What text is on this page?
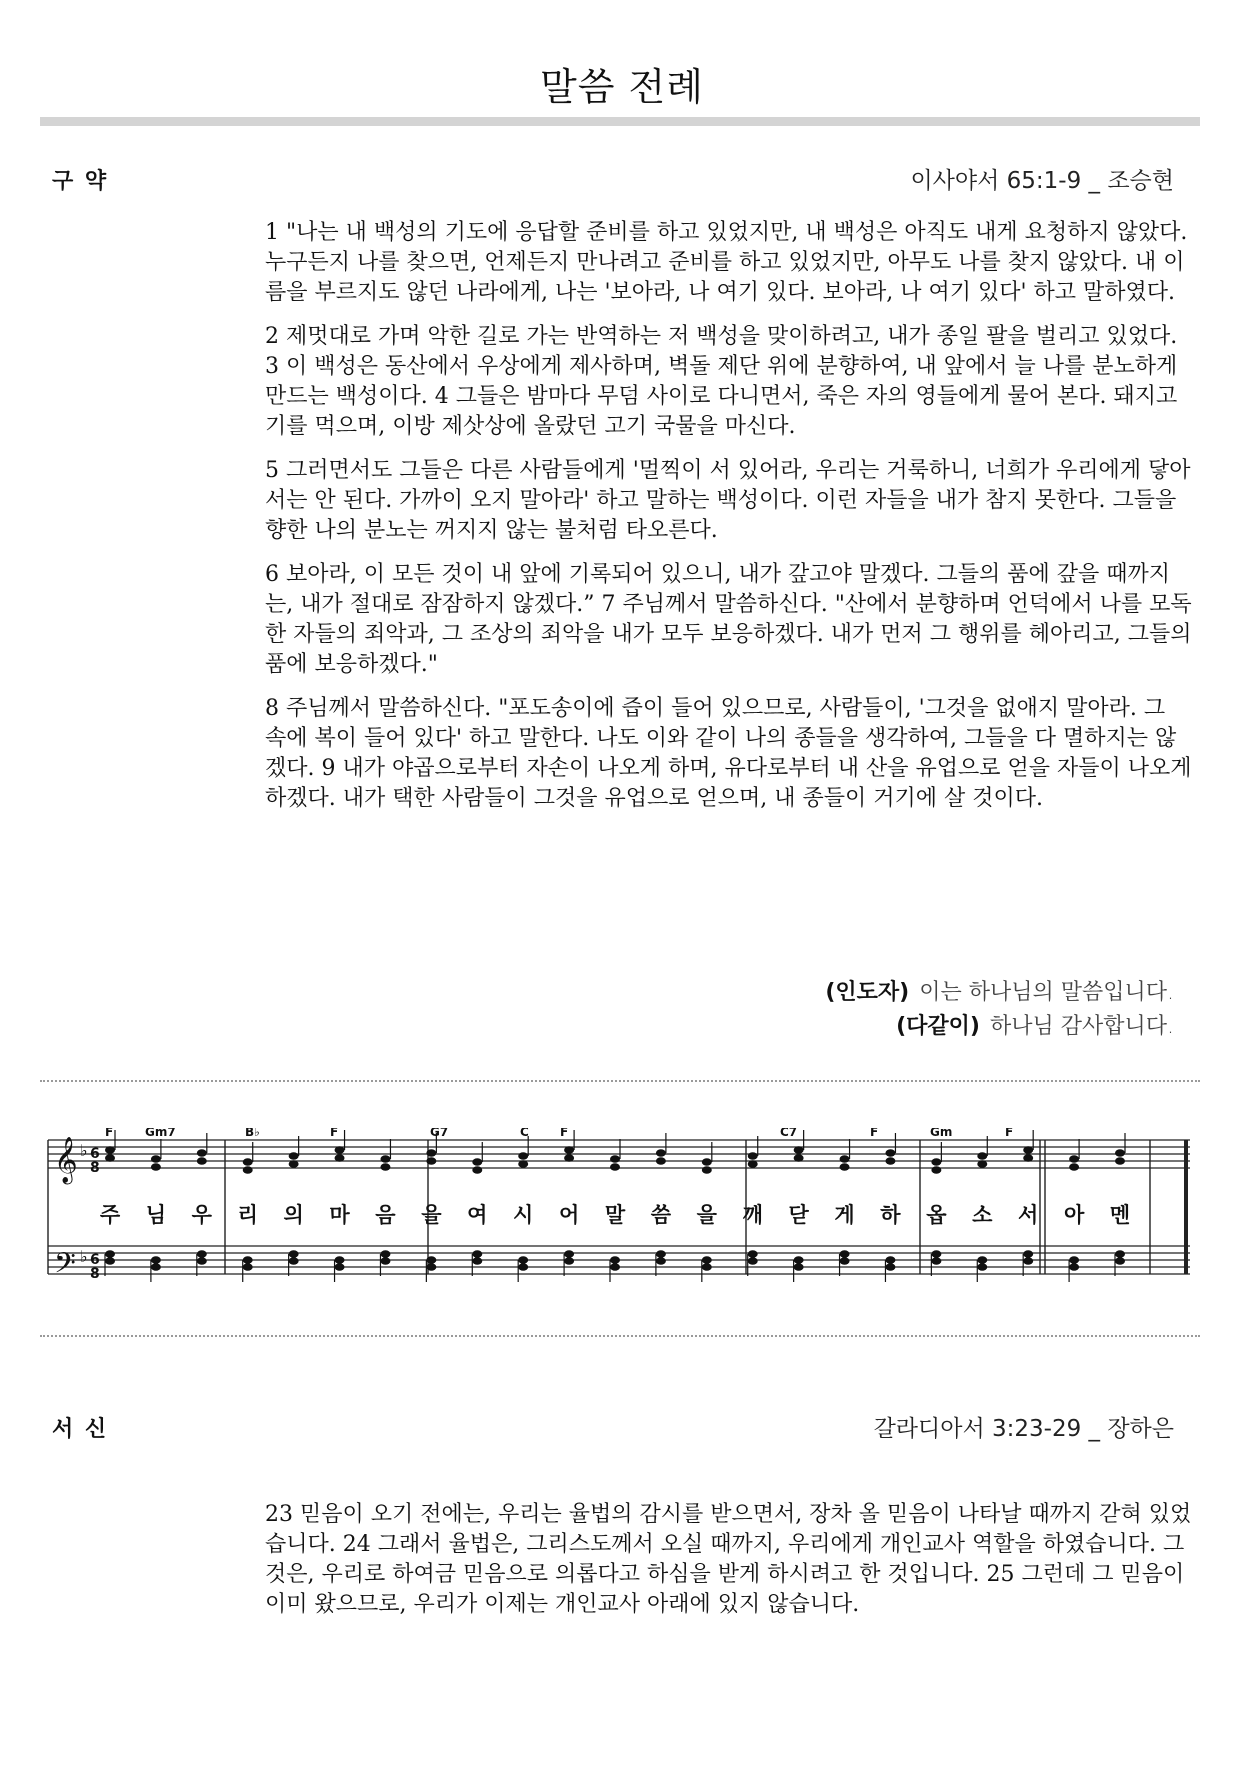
말씀 전례
구 약	이사야서 65:1-9 _ 조승현

1 "나는 내 백성의 기도에 응답할 준비를 하고 있었지만, 내 백성은 아직도 내게 요청하지 않았다. 누구든지 나를 찾으면, 언제든지 만나려고 준비를 하고 있었지만, 아무도 나를 찾지 않았다. 내 이름을 부르지도 않던 나라에게, 나는 '보아라, 나 여기 있다. 보아라, 나 여기 있다' 하고 말하였다.

2 제멋대로 가며 악한 길로 가는 반역하는 저 백성을 맞이하려고, 내가 종일 팔을 벌리고 있었다. 3 이 백성은 동산에서 우상에게 제사하며, 벽돌 제단 위에 분향하여, 내 앞에서 늘 나를 분노하게 만드는 백성이다. 4 그들은 밤마다 무덤 사이로 다니면서, 죽은 자의 영들에게 물어 본다. 돼지고기를 먹으며, 이방 제삿상에 올랐던 고기 국물을 마신다.

5 그러면서도 그들은 다른 사람들에게 '멀찍이 서 있어라, 우리는 거룩하니, 너희가 우리에게 닿아서는 안 된다. 가까이 오지 말아라' 하고 말하는 백성이다. 이런 자들을 내가 참지 못한다. 그들을 향한 나의 분노는 꺼지지 않는 불처럼 타오른다.

6 보아라, 이 모든 것이 내 앞에 기록되어 있으니, 내가 갚고야 말겠다. 그들의 품에 갚을 때까지는, 내가 절대로 잠잠하지 않겠다.” 7 주님께서 말씀하신다. "산에서 분향하며 언덕에서 나를 모독한 자들의 죄악과, 그 조상의 죄악을 내가 모두 보응하겠다. 내가 먼저 그 행위를 헤아리고, 그들의 품에 보응하겠다."

8 주님께서 말씀하신다. "포도송이에 즙이 들어 있으므로, 사람들이, '그것을 없애지 말아라. 그 속에 복이 들어 있다' 하고 말한다. 나도 이와 같이 나의 종들을 생각하여, 그들을 다 멸하지는 않겠다. 9 내가 야곱으로부터 자손이 나오게 하며, 유다로부터 내 산을 유업으로 얻을 자들이 나오게 하겠다. 내가 택한 사람들이 그것을 유업으로 얻으며, 내 종들이 거기에 살 것이다.

(인도자) 이는 하나님의 말씀입니다.
(다같이) 하나님 감사합니다.
F	Gm7	B♭	F	G7	C	F	C7	F	Gm	F
주 님 우 리 의 마 음 을 여 시 어 말 씀 을 깨 닫 게 하 옵 소 서 아 멘
𝄞
𝄢
♭
♭
6
8
6
8
서 신	갈라디아서 3:23-29 _ 장하은

23 믿음이 오기 전에는, 우리는 율법의 감시를 받으면서, 장차 올 믿음이 나타날 때까지 갇혀 있었습니다. 24 그래서 율법은, 그리스도께서 오실 때까지, 우리에게 개인교사 역할을 하였습니다. 그것은, 우리로 하여금 믿음으로 의롭다고 하심을 받게 하시려고 한 것입니다. 25 그런데 그 믿음이 이미 왔으므로, 우리가 이제는 개인교사 아래에 있지 않습니다.
